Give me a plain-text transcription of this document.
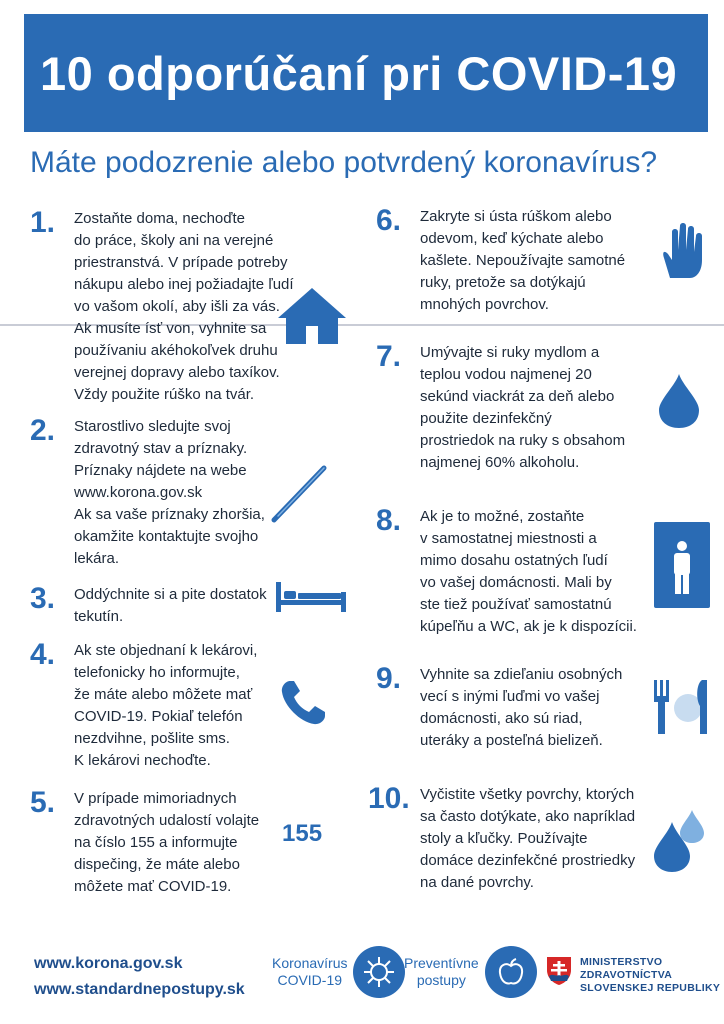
10 odporúčaní pri COVID-19
Máte podozrenie alebo potvrdený koronavírus?
1. Zostaňte doma, nechoďte
do práce, školy ani na verejné
priestranstvá. V prípade potreby
nákupu alebo inej požiadajte ľudí
vo vašom okolí, aby išli za vás.
Ak musíte ísť von, vyhnite sa
používaniu akéhokoľvek druhu
verejnej dopravy alebo taxíkov.
Vždy použite rúško na tvár.
2. Starostlivo sledujte svoj
zdravotný stav a príznaky.
Príznaky nájdete na webe
www.korona.gov.sk
Ak sa vaše príznaky zhoršia,
okamžite kontaktujte svojho
lekára.
3. Oddýchnite si a pite dostatok
tekutín.
4. Ak ste objednaní k lekárovi,
telefonicky ho informujte,
že máte alebo môžete mať
COVID-19. Pokiaľ telefón
nezdvihne, pošlite sms.
K lekárovi nechoďte.
5. V prípade mimoriadnych
zdravotných udalostí volajte
na číslo 155 a informujte
dispečing, že máte alebo
môžete mať COVID-19.
155
6. Zakryte si ústa rúškom alebo
odevom, keď kýchate alebo
kašlete. Nepoužívajte samotné
ruky, pretože sa dotýkajú
mnohých povrchov.
7. Umývajte si ruky mydlom a
teplou vodou najmenej 20
sekúnd viackrát za deň alebo
použite dezinfekčný
prostriedok na ruky s obsahom
najmenej 60% alkoholu.
8. Ak je to možné, zostaňte
v samostatnej miestnosti a
mimo dosahu ostatných ľudí
vo vašej domácnosti. Mali by
ste tiež používať samostatnú
kúpeľňu a WC, ak je k dispozícii.
9. Vyhnite sa zdieľaniu osobných
vecí s inými ľuďmi vo vašej
domácnosti, ako sú riad,
uteráky a posteľná bielizeň.
10. Vyčistite všetky povrchy, ktorých
sa často dotýkate, ako napríklad
stoly a kľučky. Používajte
domáce dezinfekčné prostriedky
na dané povrchy.
www.korona.gov.sk
www.standardnepostupy.sk
Koronavírus
COVID-19
Preventívne
postupy
MINISTERSTVO
ZDRAVOTNÍCTVA
SLOVENSKEJ REPUBLIKY
